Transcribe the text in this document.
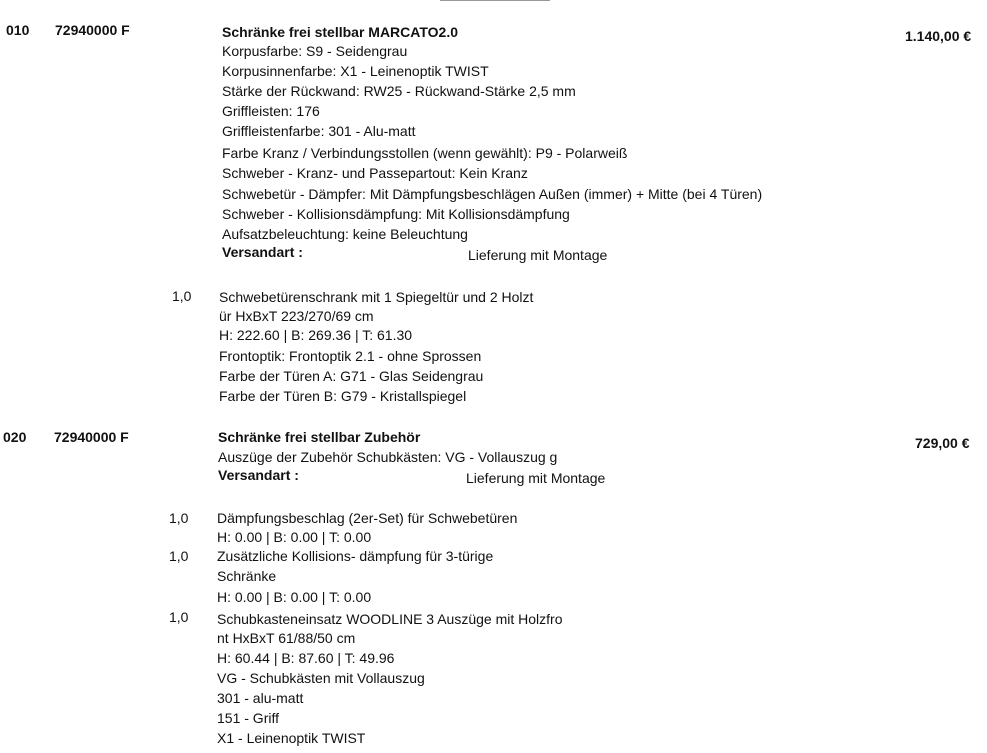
010 72940000 F	Schränke frei stellbar MARCATO2.0	1.140,00 €
Korpusfarbe: S9 - Seidengrau
Korpusinnenfarbe: X1 - Leinenoptik TWIST
Stärke der Rückwand: RW25 - Rückwand-Stärke 2,5 mm
Griffleisten: 176
Griffleistenfarbe: 301 - Alu-matt
Farbe Kranz / Verbindungsstollen (wenn gewählt): P9 - Polarweiß
Schweber - Kranz- und Passepartout: Kein Kranz
Schwebetür - Dämpfer: Mit Dämpfungsbeschlägen Außen (immer) + Mitte (bei 4 Türen)
Schweber - Kollisionsdämpfung: Mit Kollisionsdämpfung
Aufsatzbeleuchtung: keine Beleuchtung
Versandart :	Lieferung mit Montage
1,0 Schwebetürenschrank mit 1 Spiegeltür und 2 Holzt
ür HxBxT 223/270/69 cm
H: 222.60 | B: 269.36 | T: 61.30
Frontoptik: Frontoptik 2.1 - ohne Sprossen
Farbe der Türen A: G71 - Glas Seidengrau
Farbe der Türen B: G79 - Kristallspiegel
020 72940000 F	Schränke frei stellbar Zubehör	729,00 €
Auszüge der Zubehör Schubkästen: VG - Vollauszug g
Versandart :	Lieferung mit Montage
1,0 Dämpfungsbeschlag (2er-Set) für Schwebetüren
H: 0.00 | B: 0.00 | T: 0.00
1,0 Zusätzliche Kollisions- dämpfung für 3-türige
Schränke
H: 0.00 | B: 0.00 | T: 0.00
1,0 Schubkasteneinsatz WOODLINE 3 Auszüge mit Holzfro
nt HxBxT 61/88/50 cm
H: 60.44 | B: 87.60 | T: 49.96
VG - Schubkästen mit Vollauszug
301 - alu-matt
151 - Griff
X1 - Leinenoptik TWIST
